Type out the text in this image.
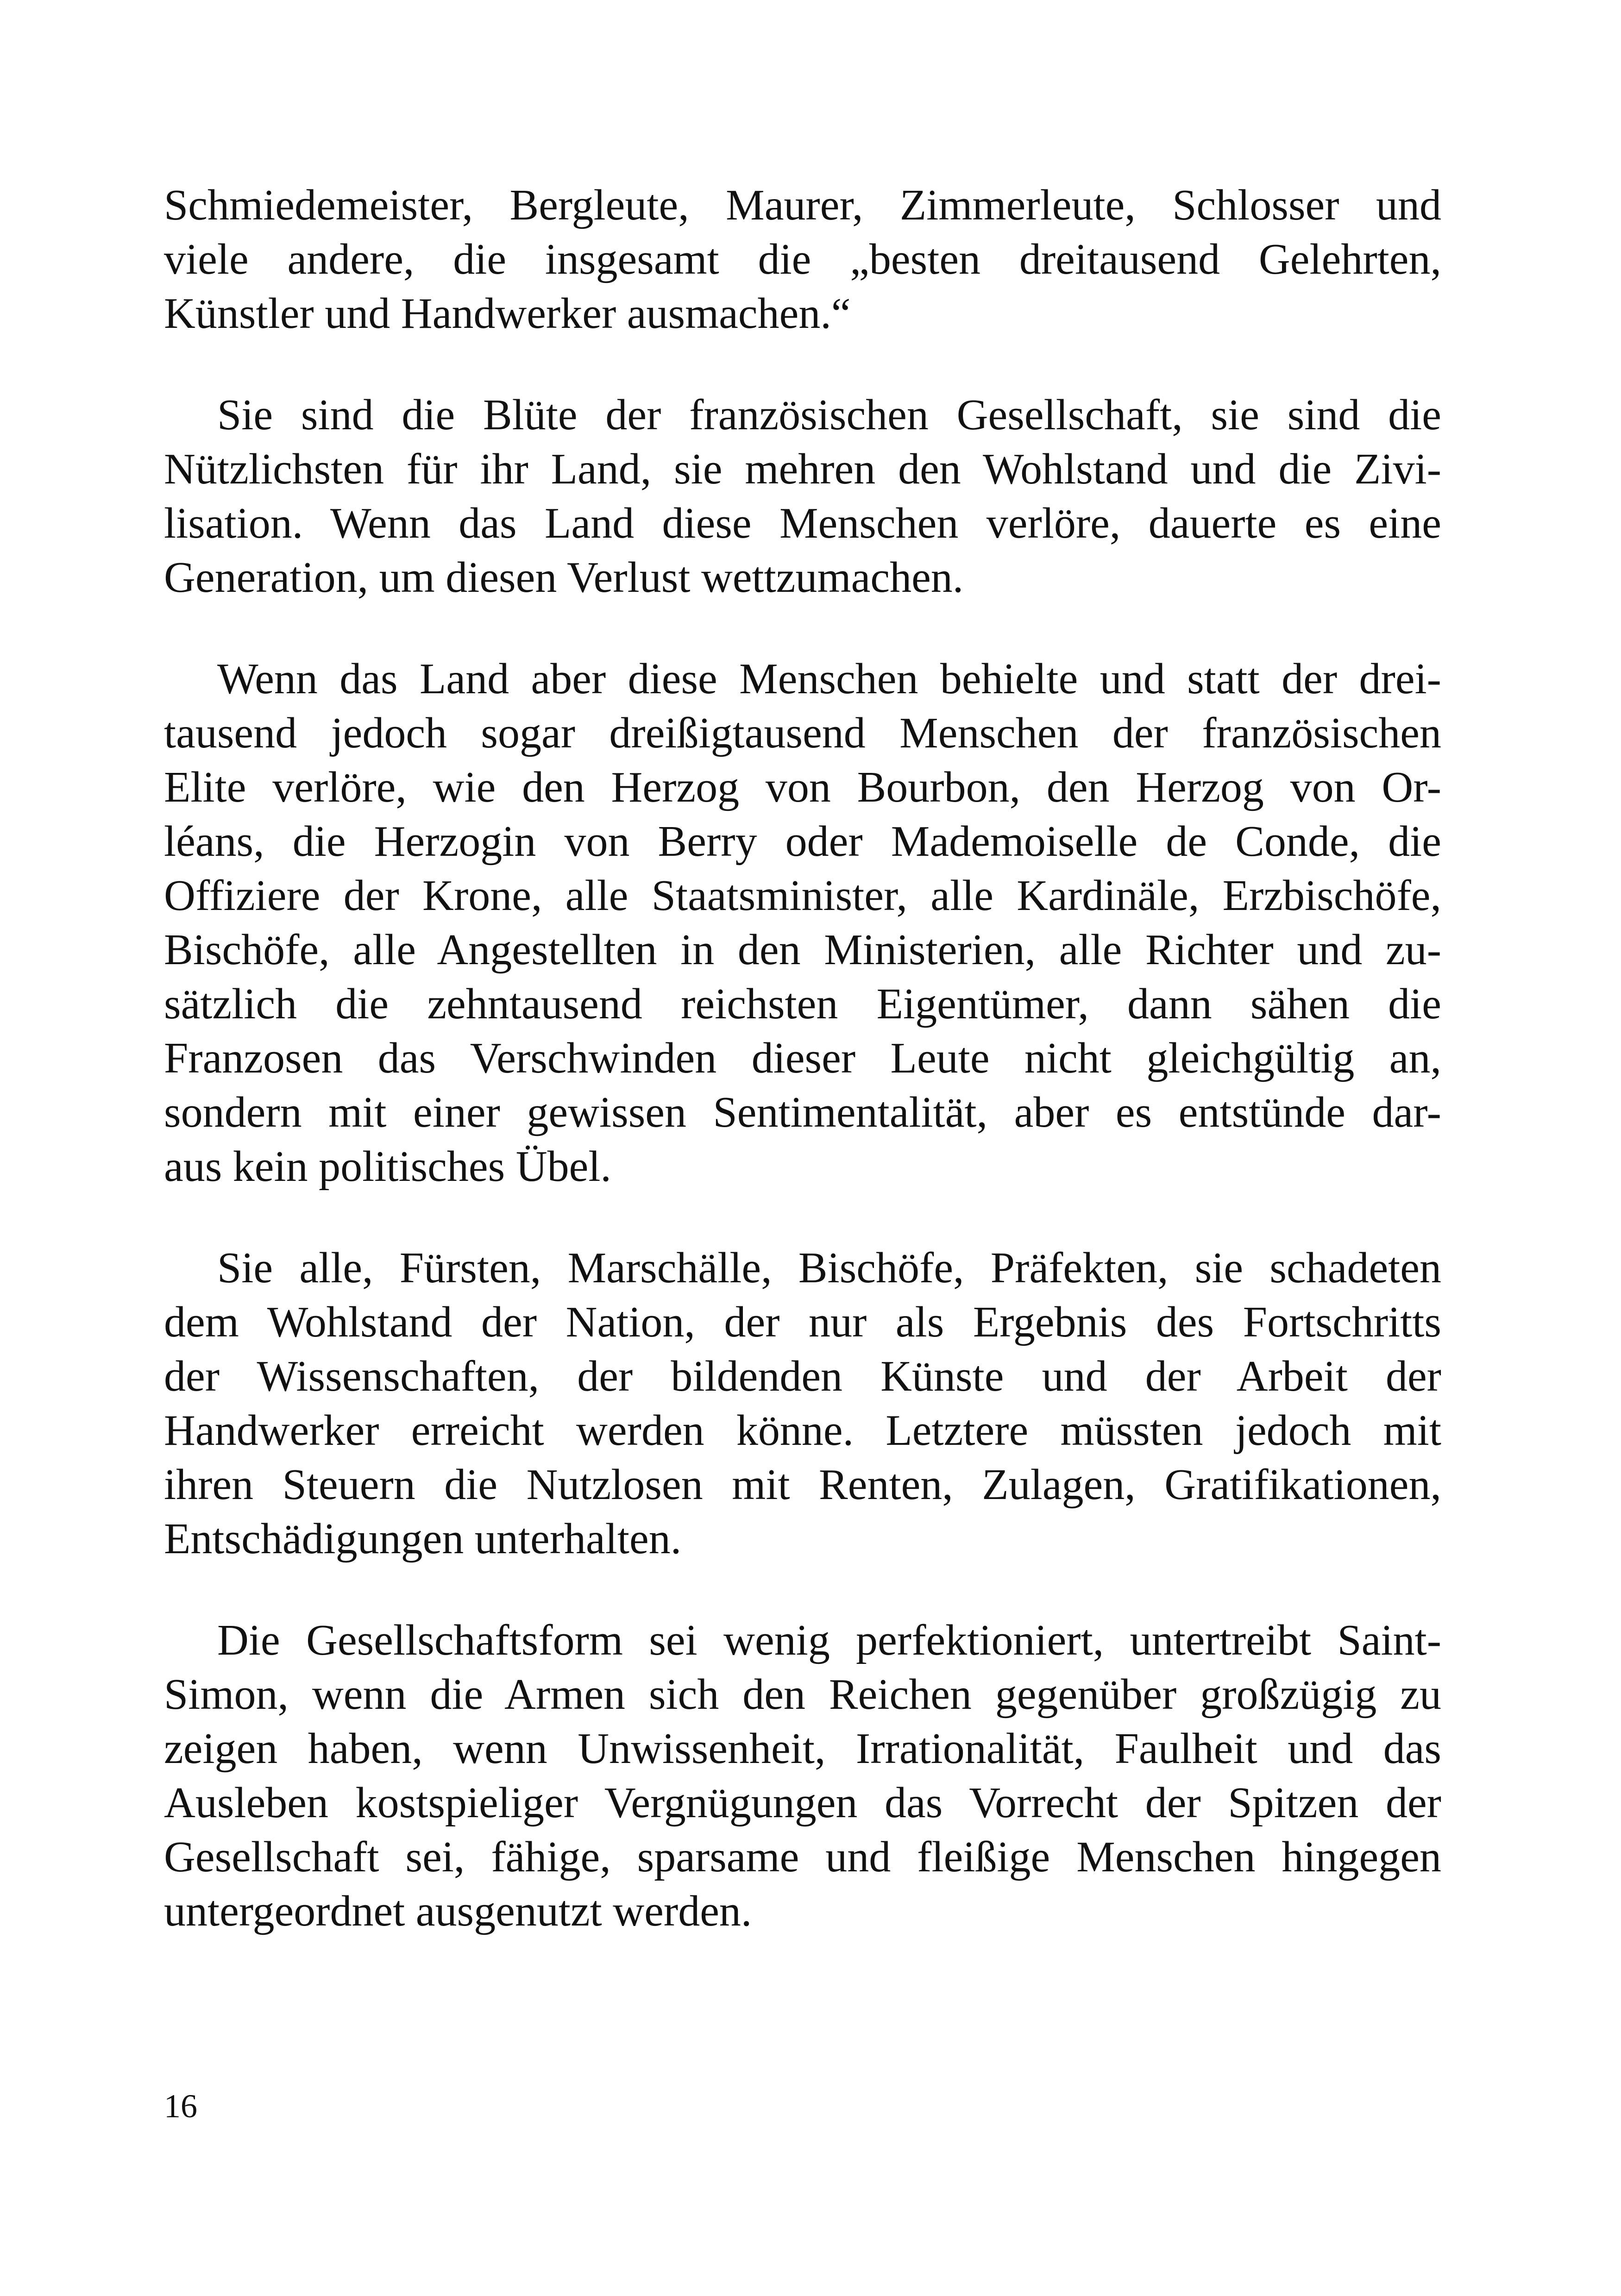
Schmiedemeister, Bergleute, Maurer, Zimmerleute, Schlosser und
viele andere, die insgesamt die „besten dreitausend Gelehrten,
Künstler und Handwerker ausmachen.“
Sie sind die Blüte der französischen Gesellschaft, sie sind die
Nützlichsten für ihr Land, sie mehren den Wohlstand und die Zivi-
lisation. Wenn das Land diese Menschen verlöre, dauerte es eine
Generation, um diesen Verlust wettzumachen.
Wenn das Land aber diese Menschen behielte und statt der drei-
tausend jedoch sogar dreißigtausend Menschen der französischen
Elite verlöre, wie den Herzog von Bourbon, den Herzog von Or-
léans, die Herzogin von Berry oder Mademoiselle de Conde, die
Offiziere der Krone, alle Staatsminister, alle Kardinäle, Erzbischöfe,
Bischöfe, alle Angestellten in den Ministerien, alle Richter und zu-
sätzlich die zehntausend reichsten Eigentümer, dann sähen die
Franzosen das Verschwinden dieser Leute nicht gleichgültig an,
sondern mit einer gewissen Sentimentalität, aber es entstünde dar-
aus kein politisches Übel.
Sie alle, Fürsten, Marschälle, Bischöfe, Präfekten, sie schadeten
dem Wohlstand der Nation, der nur als Ergebnis des Fortschritts
der Wissenschaften, der bildenden Künste und der Arbeit der
Handwerker erreicht werden könne. Letztere müssten jedoch mit
ihren Steuern die Nutzlosen mit Renten, Zulagen, Gratifikationen,
Entschädigungen unterhalten.
Die Gesellschaftsform sei wenig perfektioniert, untertreibt Saint-
Simon, wenn die Armen sich den Reichen gegenüber großzügig zu
zeigen haben, wenn Unwissenheit, Irrationalität, Faulheit und das
Ausleben kostspieliger Vergnügungen das Vorrecht der Spitzen der
Gesellschaft sei, fähige, sparsame und fleißige Menschen hingegen
untergeordnet ausgenutzt werden.
16
